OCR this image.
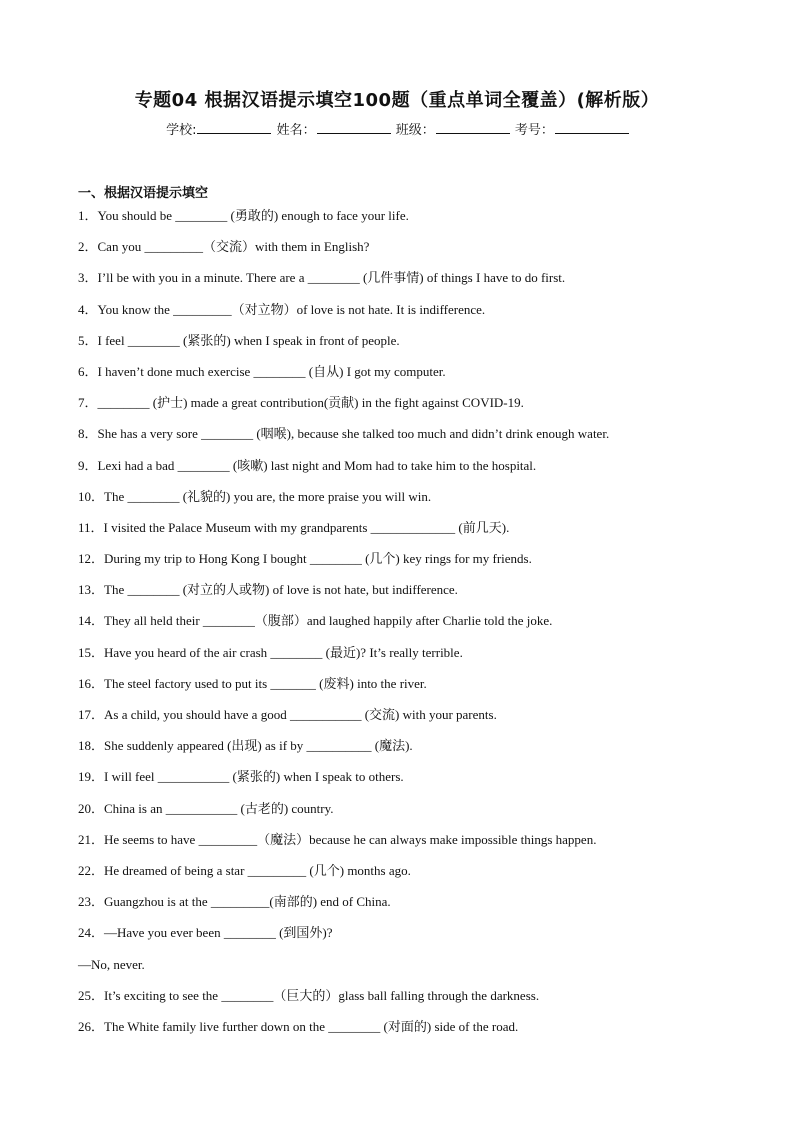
专题04 根据汉语提示填空100题（重点单词全覆盖）(解析版）
学校:	姓名：	班级：	考号：
一、根据汉语提示填空
1．You should be ________ (勇敢的) enough to face your life.
2．Can you _________（交流）with them in English?
3．I’ll be with you in a minute. There are a ________ (几件事情) of things I have to do first.
4．You know the _________（对立物）of love is not hate. It is indifference.
5．I feel ________ (紧张的) when I speak in front of people.
6．I haven’t done much exercise ________ (自从) I got my computer.
7．________ (护士) made a great contribution(贡献) in the fight against COVID-19.
8．She has a very sore ________ (咽喉), because she talked too much and didn’t drink enough water.
9．Lexi had a bad ________ (咳嗽) last night and Mom had to take him to the hospital.
10．The ________ (礼貌的) you are, the more praise you will win.
11．I visited the Palace Museum with my grandparents _____________ (前几天).
12．During my trip to Hong Kong I bought ________ (几个) key rings for my friends.
13．The ________ (对立的人或物) of love is not hate, but indifference.
14．They all held their ________（腹部）and laughed happily after Charlie told the joke.
15．Have you heard of the air crash ________ (最近)? It’s really terrible.
16．The steel factory used to put its _______ (废料) into the river.
17．As a child, you should have a good ___________ (交流) with your parents.
18．She suddenly appeared (出现) as if by __________ (魔法).
19．I will feel ___________ (紧张的) when I speak to others.
20．China is an ___________ (古老的) country.
21．He seems to have _________（魔法）because he can always make impossible things happen.
22．He dreamed of being a star _________ (几个) months ago.
23．Guangzhou is at the _________(南部的) end of China.
24．—Have you ever been ________ (到国外)?
—No, never.
25．It’s exciting to see the ________（巨大的）glass ball falling through the darkness.
26．The White family live further down on the ________ (对面的) side of the road.
